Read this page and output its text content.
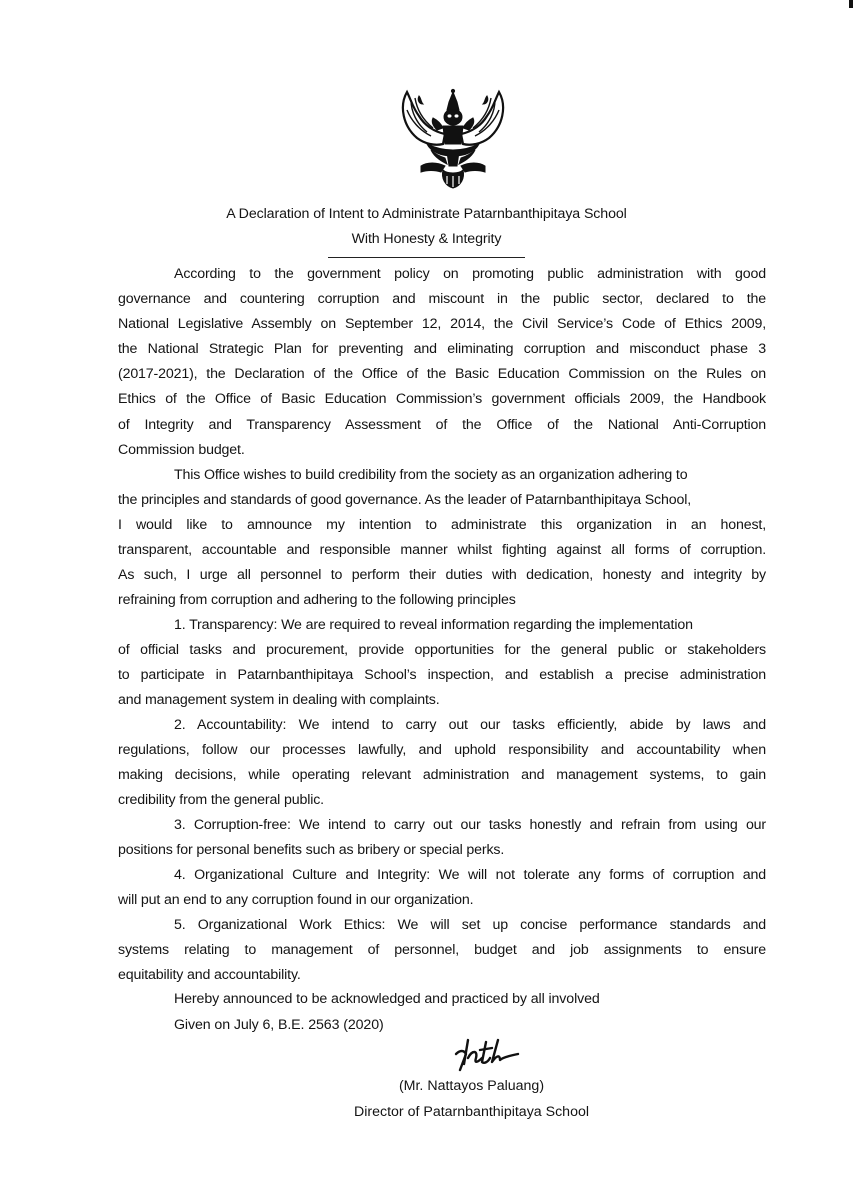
A Declaration of Intent to Administrate Patarnbanthipitaya School
With Honesty & Integrity
According to the government policy on promoting public administration with good
governance and countering corruption and miscount in the public sector, declared to the
National Legislative Assembly on September 12, 2014, the Civil Service’s Code of Ethics 2009,
the National Strategic Plan for preventing and eliminating corruption and misconduct phase 3
(2017-2021), the Declaration of the Office of the Basic Education Commission on the Rules on
Ethics of the Office of Basic Education Commission’s government officials 2009, the Handbook
of Integrity and Transparency Assessment of the Office of the National Anti-Corruption
Commission budget.
This Office wishes to build credibility from the society as an organization adhering to
the principles and standards of good governance. As the leader of Patarnbanthipitaya School,
I would like to amnounce my intention to administrate this organization in an honest,
transparent, accountable and responsible manner whilst fighting against all forms of corruption.
As such, I urge all personnel to perform their duties with dedication, honesty and integrity by
refraining from corruption and adhering to the following principles
1. Transparency: We are required to reveal information regarding the implementation
of official tasks and procurement, provide opportunities for the general public or stakeholders
to participate in Patarnbanthipitaya School’s inspection, and establish a precise administration
and management system in dealing with complaints.
2. Accountability: We intend to carry out our tasks efficiently, abide by laws and
regulations, follow our processes lawfully, and uphold responsibility and accountability when
making decisions, while operating relevant administration and management systems, to gain
credibility from the general public.
3. Corruption-free: We intend to carry out our tasks honestly and refrain from using our
positions for personal benefits such as bribery or special perks.
4. Organizational Culture and Integrity: We will not tolerate any forms of corruption and
will put an end to any corruption found in our organization.
5. Organizational Work Ethics: We will set up concise performance standards and
systems relating to management of personnel, budget and job assignments to ensure
equitability and accountability.
Hereby announced to be acknowledged and practiced by all involved
Given on July 6, B.E. 2563 (2020)
(Mr. Nattayos Paluang)
Director of Patarnbanthipitaya School
